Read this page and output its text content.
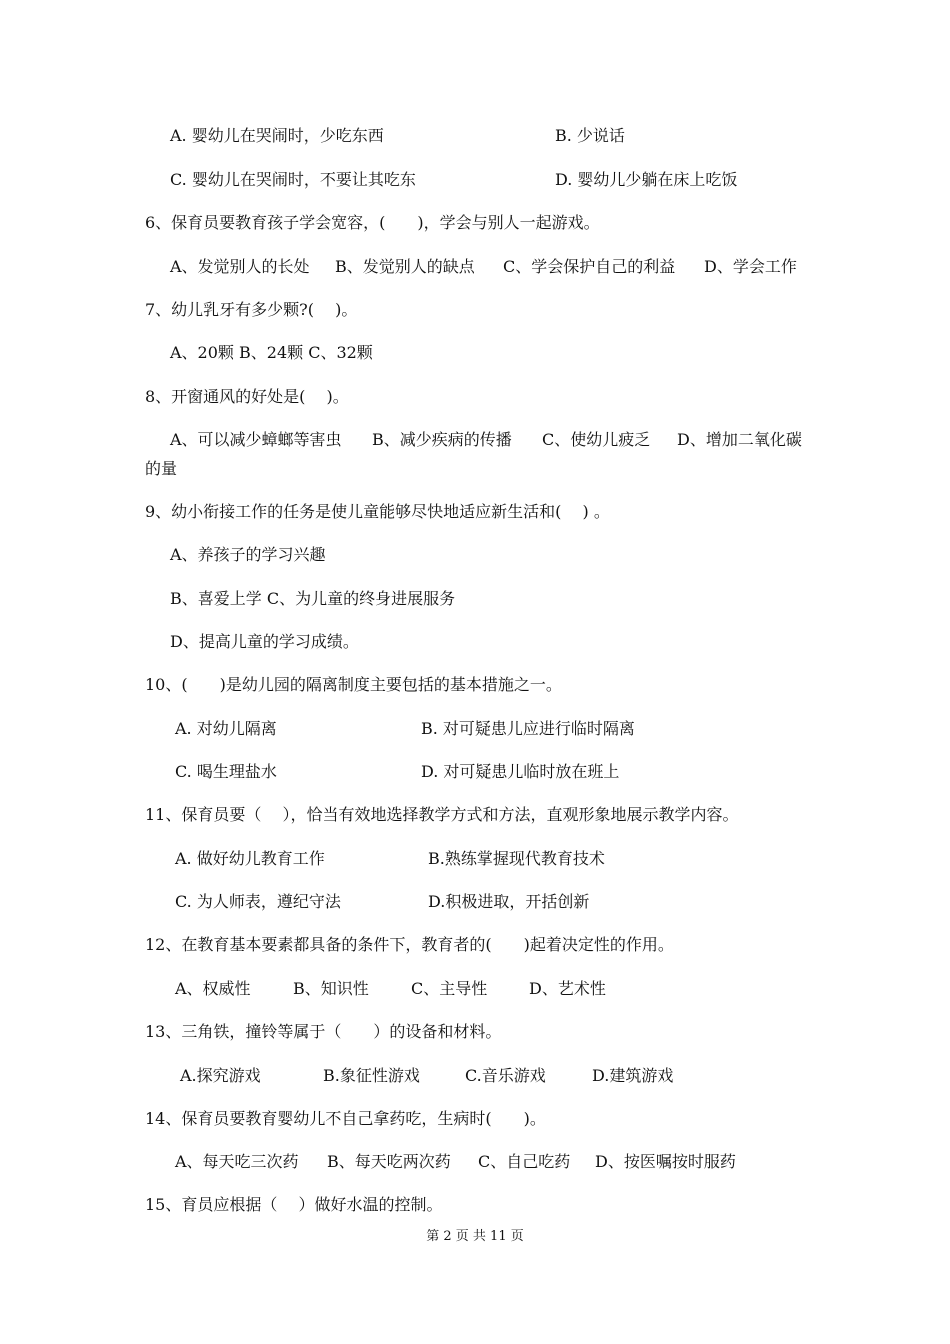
A. 婴幼儿在哭闹时，少吃东西	B. 少说话
C. 婴幼儿在哭闹时，不要让其吃东	D. 婴幼儿少躺在床上吃饭
6、保育员要教育孩子学会宽容，(　　)，学会与别人一起游戏。
A、发觉别人的长处 B、发觉别人的缺点 C、学会保护自己的利益 D、学会工作
7、幼儿乳牙有多少颗?(　 )。
A、20颗 B、24颗 C、32颗
8、开窗通风的好处是(　 )。
A、可以减少蟑螂等害虫 B、减少疾病的传播 C、使幼儿疲乏 D、增加二氧化碳
的量
9、幼小衔接工作的任务是使儿童能够尽快地适应新生活和(　 ) 。
A、养孩子的学习兴趣
B、喜爱上学 C、为儿童的终身进展服务
D、提高儿童的学习成绩。
10、(　　)是幼儿园的隔离制度主要包括的基本措施之一。
A. 对幼儿隔离	B. 对可疑患儿应进行临时隔离
C. 喝生理盐水	D. 对可疑患儿临时放在班上
11、保育员要（　 ），恰当有效地选择教学方式和方法，直观形象地展示教学内容。
A. 做好幼儿教育工作	B.熟练掌握现代教育技术
C. 为人师表，遵纪守法	D.积极进取，开括创新
12、在教育基本要素都具备的条件下，教育者的(　　)起着决定性的作用。
A、权威性	B、知识性	C、主导性	D、艺术性
13、三角铁，撞铃等属于（　　）的设备和材料。
A.探究游戏	B.象征性游戏	C.音乐游戏	D.建筑游戏
14、保育员要教育婴幼儿不自己拿药吃，生病时(　　)。
A、每天吃三次药 B、每天吃两次药 C、自己吃药 D、按医嘱按时服药
15、育员应根据（　 ）做好水温的控制。
第 2 页 共 11 页
